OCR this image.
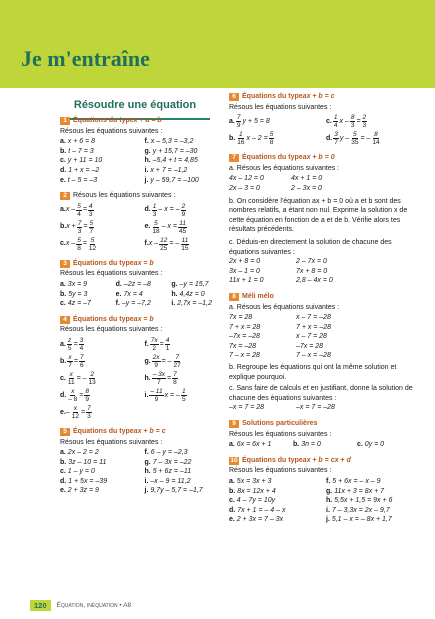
Je m'entraîne
Résoudre une équation
1 Équations du type x + a = b
Résous les équations suivantes :
a. x + 6 = 8	f. x – 5,3 = –3,2
b. t – 7 = 3	g. y + 15,7 = –30
c. y + 11 = 10	h. –5,4 + t = 4,85
d. 1 + x = –2	i. x + 7 = –1,2
e. t – 5 = –3	j. y – 59,7 = –100
2 Résous les équations suivantes :
a. $x - \frac{5}{4} = \frac{4}{3}$	d. $\frac{1}{3}$ – x = – $\frac{2}{9}$
b. $x + \frac{7}{3} = \frac{5}{7}$	e. $\frac{5}{18} - x = \frac{11}{45}$
c. $x - \frac{5}{8} = \frac{5}{12}$	f. x – $\frac{12}{25}$ = – $\frac{11}{15}$
3 Équations du type ax = b
Résous les équations suivantes :
a. 3x = 9	d. –2z = –8	g. –y = 15,7
b. 5y = 3	e. 7x = 4	h. 4,4z = 0
c. 4z = –7	f. –y = –7,2	i. 2,7x = –1,2
4 Équations du type ax = b
Résous les équations suivantes :
a. $\frac{z}{5} = \frac{3}{4}$	f. $\frac{7x}{2} = \frac{4}{1}$
b. $\frac{x}{7} = \frac{7}{6}$	g. $\frac{2x}{9}$ = – $\frac{7}{27}$
c. $\frac{x}{11}$ = – $\frac{2}{13}$	h. $\frac{- 3x}{7} = \frac{7}{8}$
d. $\frac{x}{- 8} = \frac{8}{9}$	i. $\frac{- 11}{9}$ x = – $\frac{1}{5}$
e. – $\frac{x}{12} = \frac{7}{3}$
5 Équations du type ax + b = c
Résous les équations suivantes :
a. 2x – 2 = 2	f. 6 – y = –2,3
b. 3z – 10 = 11	g. 7 – 3x = –22
c. 1 – y = 0	h. 5 + 6z = –11
d. 1 + 5x = –39	i. –x – 9 = 11,2
e. 2 + 3z = 9	j. 9,7y – 5,7 = –1,7
6 Équations du type ax + b = c
Résous les équations suivantes :
a. $\frac{7}{9}$ y + 5 = 8	c. $\frac{1}{4}$ $x - \frac{8}{3} = \frac{2}{3}$
b. $\frac{1}{16}$ $x - 2 = \frac{5}{8}$	d. $\frac{3}{7}$ y – $\frac{5}{35}$ = – $\frac{8}{14}$
7 Équations du type ax + b = 0
a. Résous les équations suivantes :
4x – 12 = 0	4x + 1 = 0
2x – 3 = 0	2 – 3x = 0
b. On considère l'équation ax + b = 0 où a et b sont des nombres relatifs, a étant non nul. Exprime la solution x de cette équation en fonction de a et de b. Vérifie alors tes résultats précédents.
c. Déduis-en directement la solution de chacune des équations suivantes :
2x + 8 = 0	2 – 7x = 0
3x – 1 = 0	7x + 8 = 0
11x + 1 = 0	2,8 – 4x = 0
8 Méli mélo
a. Résous les équations suivantes :
7x = 28	x – 7 = –28
7 + x = 28	7 + x = –28
–7x = –28	x – 7 = 28
7x = –28	–7x = 28
7 – x = 28	7 – x = –28
b. Regroupe les équations qui ont la même solution et explique pourquoi.
c. Sans faire de calculs et en justifiant, donne la solution de chacune des équations suivantes :
–x = 7 = 28	–x = 7 = –28
9 Solutions particulières
Résous les équations suivantes :
a. 6x = 6x + 1	b. 3n = 0	c. 0y = 0
10 Équations du type ax + b = cx + d
Résous les équations suivantes :
a. 5x = 3x + 3	f. 5 + 6x = – x – 9
b. 8x = 12x + 4	g. 11x + 3 = 8x + 7
c. 4 – 7y = 10y	h. 5,5x + 1,5 = 9x + 6
d. 7x + 1 = – 4 – x	i. 7 – 3,3x = 2x – 9,7
e. 2 + 3x = 7 – 3x	j. 5,1 – x = – 8x + 1,7
120	Équation, inéquation • A8
